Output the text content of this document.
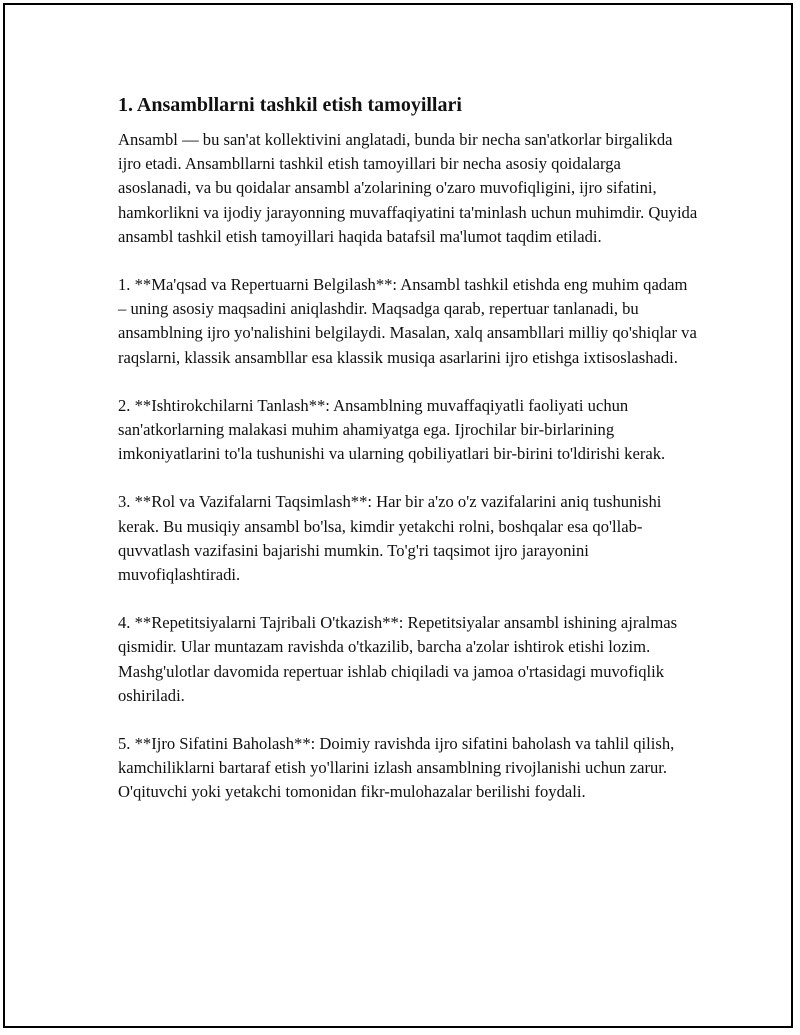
1. Ansambllarni tashkil etish tamoyillari

Ansambl — bu san'at kollektivini anglatadi, bunda bir necha san'atkorlar birgalikda ijro etadi. Ansambllarni tashkil etish tamoyillari bir necha asosiy qoidalarga asoslanadi, va bu qoidalar ansambl a'zolarining o'zaro muvofiqligini, ijro sifatini, hamkorlikni va ijodiy jarayonning muvaffaqiyatini ta'minlash uchun muhimdir. Quyida ansambl tashkil etish tamoyillari haqida batafsil ma'lumot taqdim etiladi.

1. **Ma'qsad va Repertuarni Belgilash**: Ansambl tashkil etishda eng muhim qadam – uning asosiy maqsadini aniqlashdir. Maqsadga qarab, repertuar tanlanadi, bu ansamblning ijro yo'nalishini belgilaydi. Masalan, xalq ansambllari milliy qo'shiqlar va raqslarni, klassik ansambllar esa klassik musiqa asarlarini ijro etishga ixtisoslashadi.

2. **Ishtirokchilarni Tanlash**: Ansamblning muvaffaqiyatli faoliyati uchun san'atkorlarning malakasi muhim ahamiyatga ega. Ijrochilar bir-birlarining imkoniyatlarini to'la tushunishi va ularning qobiliyatlari bir-birini to'ldirishi kerak.

3. **Rol va Vazifalarni Taqsimlash**: Har bir a'zo o'z vazifalarini aniq tushunishi kerak. Bu musiqiy ansambl bo'lsa, kimdir yetakchi rolni, boshqalar esa qo'llab-quvvatlash vazifasini bajarishi mumkin. To'g'ri taqsimot ijro jarayonini muvofiqlashtiradi.

4. **Repetitsiyalarni Tajribali O'tkazish**: Repetitsiyalar ansambl ishining ajralmas qismidir. Ular muntazam ravishda o'tkazilib, barcha a'zolar ishtirok etishi lozim. Mashg'ulotlar davomida repertuar ishlab chiqiladi va jamoa o'rtasidagi muvofiqlik oshiriladi.

5. **Ijro Sifatini Baholash**: Doimiy ravishda ijro sifatini baholash va tahlil qilish, kamchiliklarni bartaraf etish yo'llarini izlash ansamblning rivojlanishi uchun zarur. O'qituvchi yoki yetakchi tomonidan fikr-mulohazalar berilishi foydali.
